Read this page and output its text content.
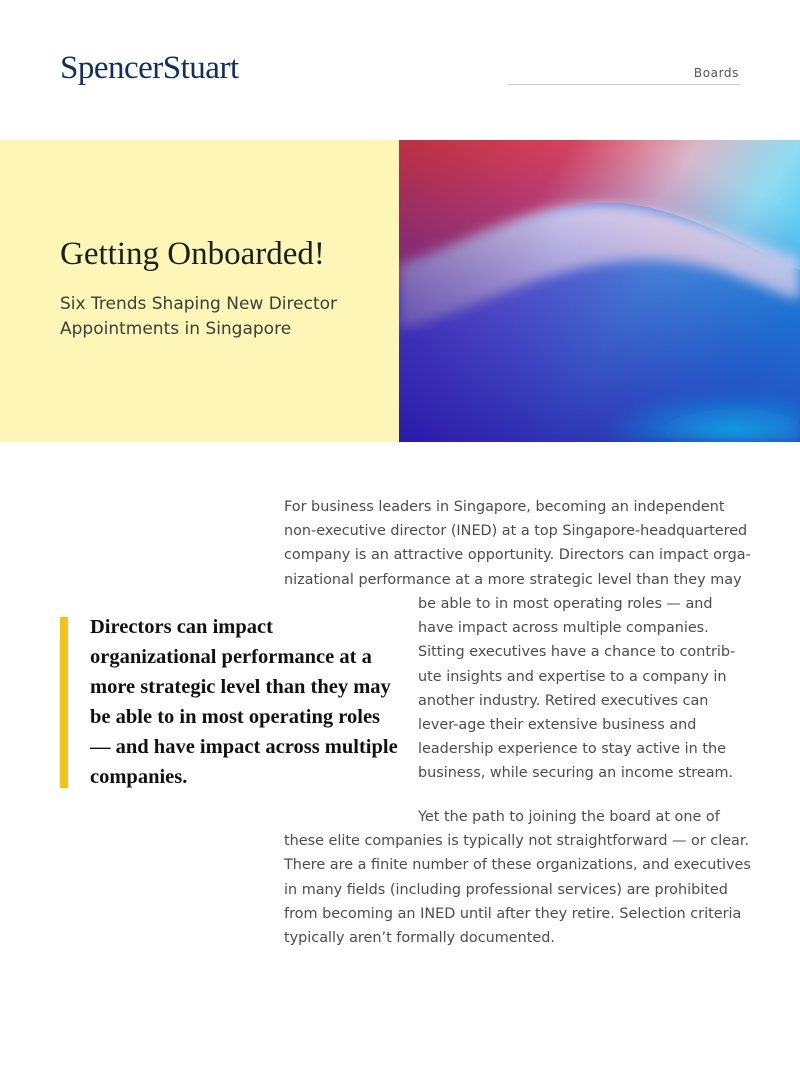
SpencerStuart	Boards
Getting Onboarded!
Six Trends Shaping New Director Appointments in Singapore

For business leaders in Singapore, becoming an independent non-executive director (INED) at a top Singapore-headquartered company is an attractive opportunity. Directors can impact orga-nizational performance at a more strategic level than they may

be able to in most operating roles — and have impact across multiple companies. Sitting executives have a chance to contrib-ute insights and expertise to a company in another industry. Retired executives can lever-age their extensive business and leadership experience to stay active in the business, while securing an income stream.

Yet the path to joining the board at one of these elite companies is typically not straightforward — or clear. There are a finite number of these organizations, and executives in many fields (including professional services) are prohibited from becoming an INED until after they retire. Selection criteria typically aren’t formally documented.

Directors can impact organizational performance at a more strategic level than they may be able to in most operating roles — and have impact across multiple companies.
